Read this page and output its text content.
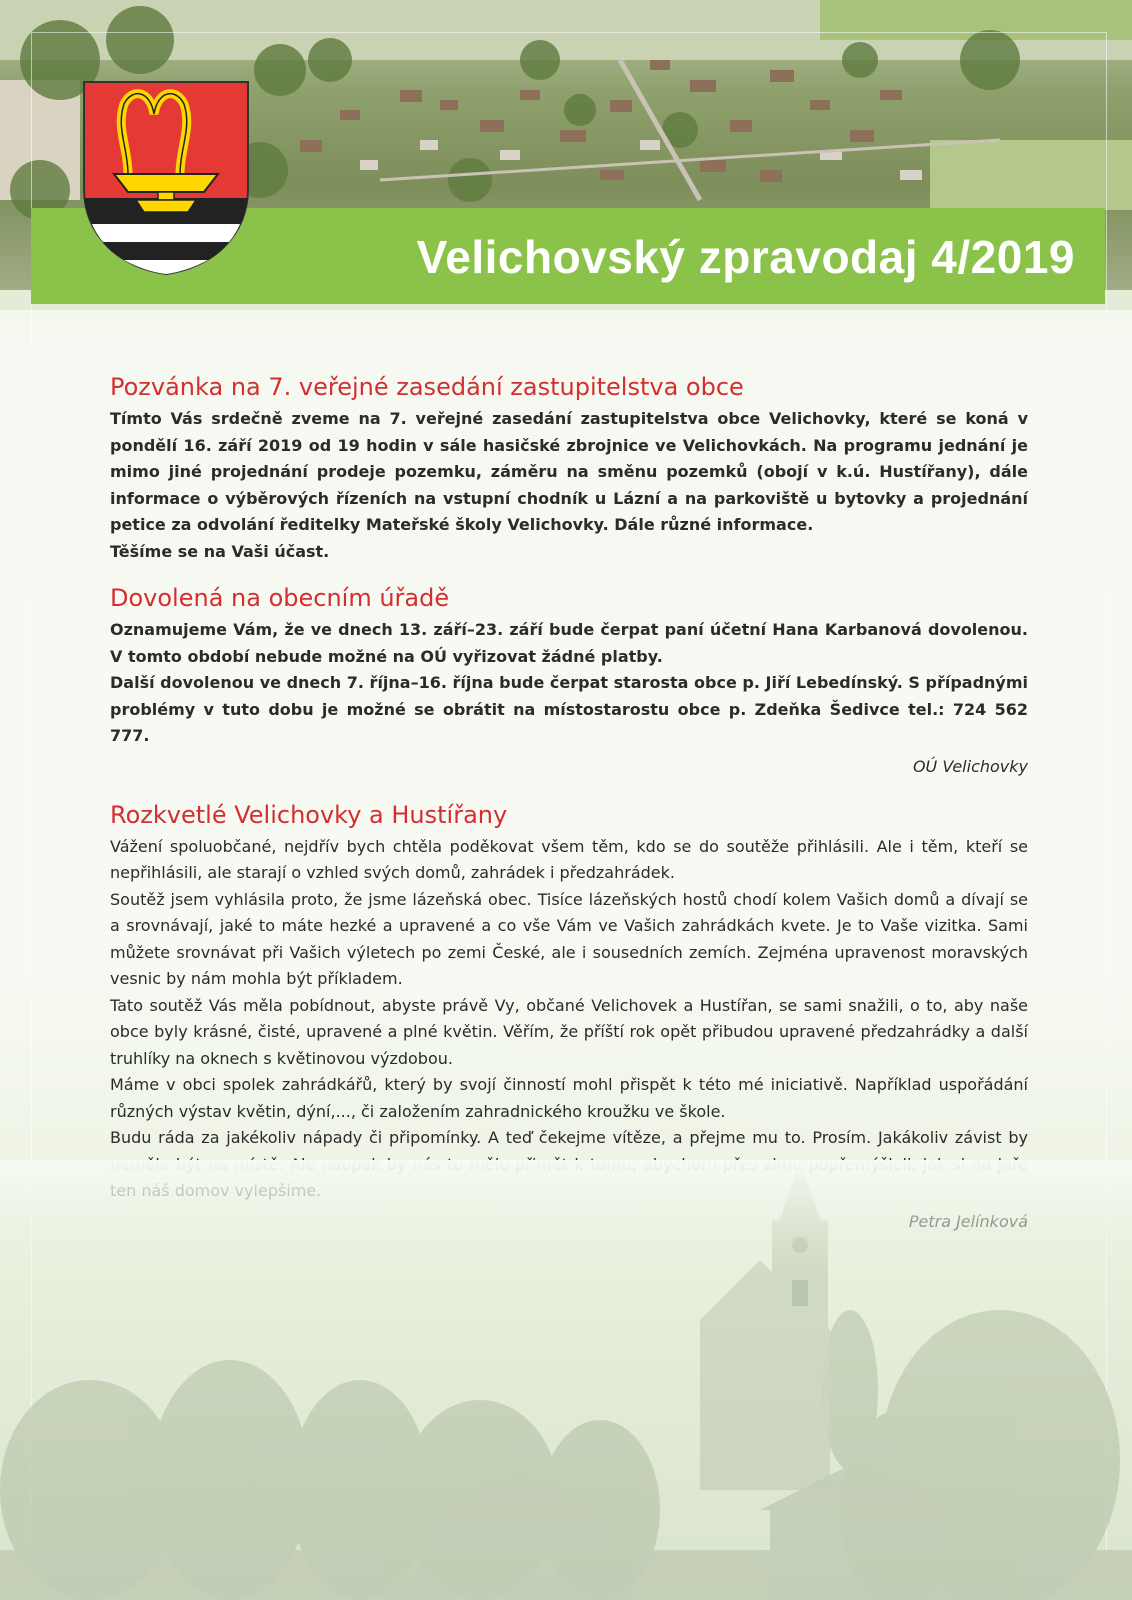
Velichovský zpravodaj 4/2019
Pozvánka na 7. veřejné zasedání zastupitelstva obce

Tímto Vás srdečně zveme na 7. veřejné zasedání zastupitelstva obce Velichovky, které se koná v pondělí 16. září 2019 od 19 hodin v sále hasičské zbrojnice ve Velichovkách. Na programu jednání je mimo jiné projednání prodeje pozemku, záměru na směnu pozemků (obojí v k.ú. Hustířany), dále informace o výběrových řízeních na vstupní chodník u Lázní a na parkoviště u bytovky a projednání petice za odvolání ředitelky Mateřské školy Velichovky. Dále různé informace.

Těšíme se na Vaši účast.

Dovolená na obecním úřadě

Oznamujeme Vám, že ve dnech 13. září–23. září bude čerpat paní účetní Hana Karbanová dovolenou. V tomto období nebude možné na OÚ vyřizovat žádné platby.

Další dovolenou ve dnech 7. října–16. října bude čerpat starosta obce p. Jiří Lebedínský. S případnými problémy v tuto dobu je možné se obrátit na místostarostu obce p. Zdeňka Šedivce tel.: 724 562 777.

OÚ Velichovky
Rozkvetlé Velichovky a Hustířany

Vážení spoluobčané, nejdřív bych chtěla poděkovat všem těm, kdo se do soutěže přihlásili. Ale i těm, kteří se nepřihlásili, ale starají o vzhled svých domů, zahrádek i předzahrádek.

Soutěž jsem vyhlásila proto, že jsme lázeňská obec. Tisíce lázeňských hostů chodí kolem Vašich domů a dívají se a srovnávají, jaké to máte hezké a upravené a co vše Vám ve Vašich zahrádkách kvete. Je to Vaše vizitka. Sami můžete srovnávat při Vašich výletech po zemi České, ale i sousedních zemích. Zejména upravenost moravských vesnic by nám mohla být příkladem.

Tato soutěž Vás měla pobídnout, abyste právě Vy, občané Velichovek a Hustířan, se sami snažili, o to, aby naše obce byly krásné, čisté, upravené a plné květin. Věřím, že příští rok opět přibudou upravené předzahrádky a další truhlíky na oknech s květinovou výzdobou.

Máme v obci spolek zahrádkářů, který by svojí činností mohl přispět k této mé iniciativě. Například uspořádání různých výstav květin, dýní,..., či založením zahradnického kroužku ve škole.

Budu ráda za jakékoliv nápady či připomínky. A teď čekejme vítěze, a přejme mu to. Prosím. Jakákoliv závist by
